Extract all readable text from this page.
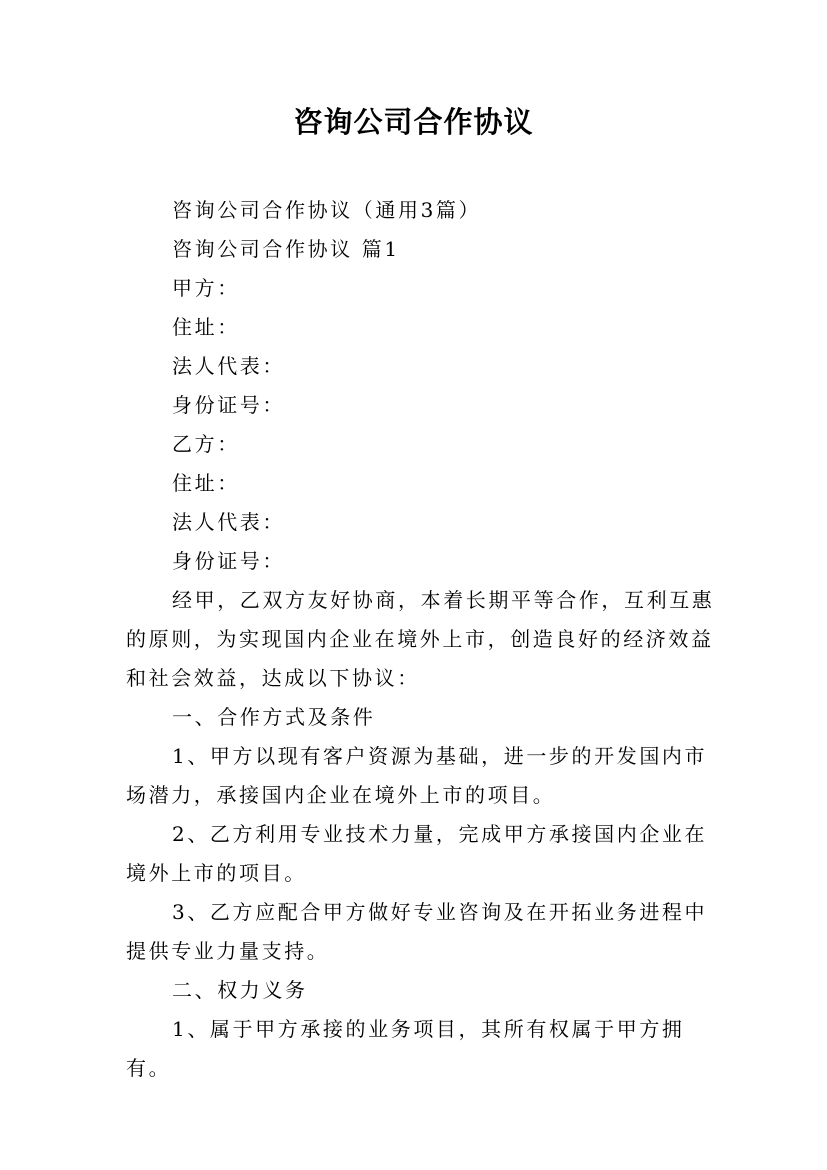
咨询公司合作协议

咨询公司合作协议（通用3篇）

咨询公司合作协议 篇1

甲方：

住址：

法人代表：

身份证号：

乙方：

住址：

法人代表：

身份证号：

经甲，乙双方友好协商，本着长期平等合作，互利互惠的原则，为实现国内企业在境外上市，创造良好的经济效益和社会效益，达成以下协议：

一、合作方式及条件

1、甲方以现有客户资源为基础，进一步的开发国内市场潜力，承接国内企业在境外上市的项目。

2、乙方利用专业技术力量，完成甲方承接国内企业在境外上市的项目。

3、乙方应配合甲方做好专业咨询及在开拓业务进程中提供专业力量支持。

二、权力义务

1、属于甲方承接的业务项目，其所有权属于甲方拥有。
